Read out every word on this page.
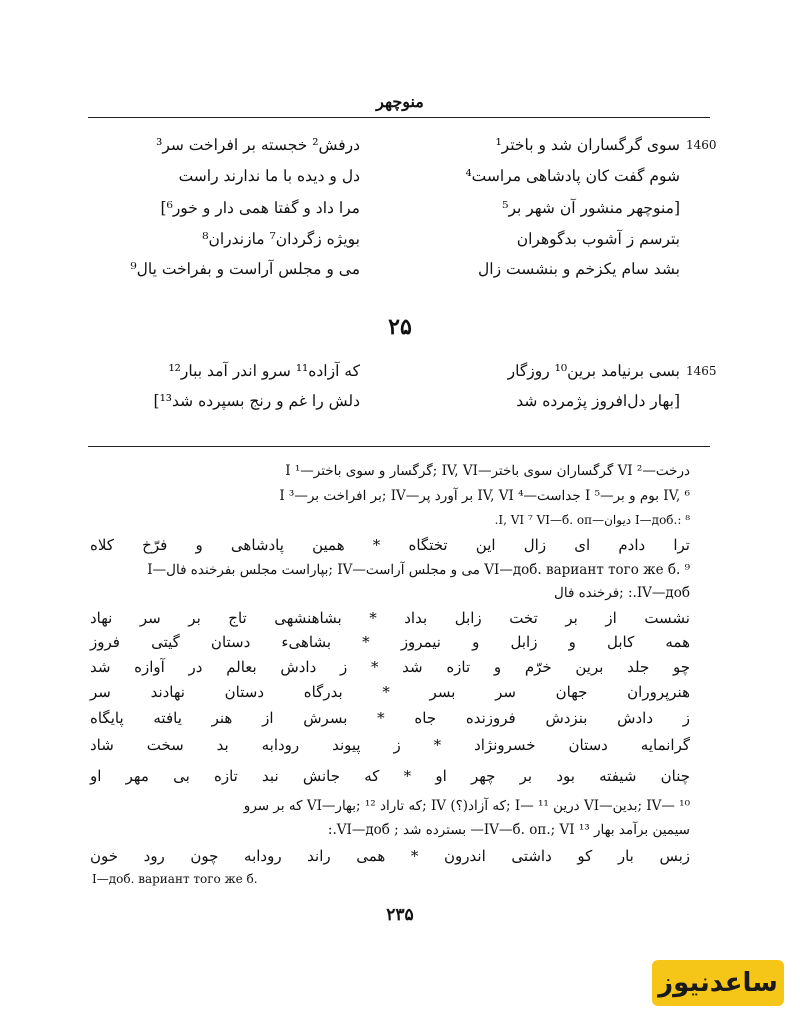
منوچهر
1460
سوی گرگساران شد و باختر¹
درفش² خجسته بر افراخت سر³
شوم گفت کان پادشاهی مراست⁴
دل و دیده با ما ندارند راست
[منوچهر منشور آن شهر بر⁵
مرا داد و گفتا همی دار و خور⁶]
بترسم ز آشوب بدگوهران
بویژه زگردان⁷ مازندران⁸
بشد سام یکزخم و بنشست زال
می و مجلس آراست و بفراخت یال⁹
۲۵
1465
بسی برنیامد برین¹⁰ روزگار
که آزاده¹¹ سرو اندر آمد ببار¹²
[بهار دل‌افروز پژمرده شد
دلش را غم و رنج بسپرده شد¹³]
درخت—VI ² گرگساران سوی باختر—IV, VI ;گرگسار و سوی باختر—I ¹
IV, ⁶ بوم و بر—I ⁵ جداست—IV, VI ⁴ بر آورد پر—IV ;بر افراخت بر—I ³
I—доб.: ⁸ دیوان—I, VI ⁷ VI—б. оп.
ترا دادم ای زال این تختگاه * همین پادشاهی و فرّخ کلاه
VI—доб. вариант того же б. ⁹ می و مجلس آراست—IV ;بپاراست مجلس بفرخنده فال—I
IV—доб.: ;فرخنده فال
نشست از بر تخت زابل بداد * بشاهنشهی تاج بر سر نهاد
همه کابل و زابل و نیمروز * بشاهیء دستان گیتی فروز
چو جلد برین خرّم و تازه شد * ز دادش بعالم در آوازه شد
هنرپروران جهان سر بسر * بدرگاه دستان نهادند سر
ز دادش بنزدش فروزنده جاه * بسرش از هنر یافته پایگاه
گرانمایه دستان خسرونژاد * ز پیوند رودابه بد سخت شاد
چنان شیفته بود بر چهر او * که جانش نبد تازه بی مهر او
IV— ¹⁰ ;بدین—VI درین I— ¹¹ ;که آزاد(؟) IV ;که تاراد ¹² ;بهار—VI که بر سرو
سیمین برآمد بهار ¹³ IV—б. оп.; VI— بسترده شد ; VI—доб.:
زبس بار کو داشتی اندرون * همی راند رودابه چون رود خون
I—доб. вариант того же б.
۲۳۵
ساعدنیوز
